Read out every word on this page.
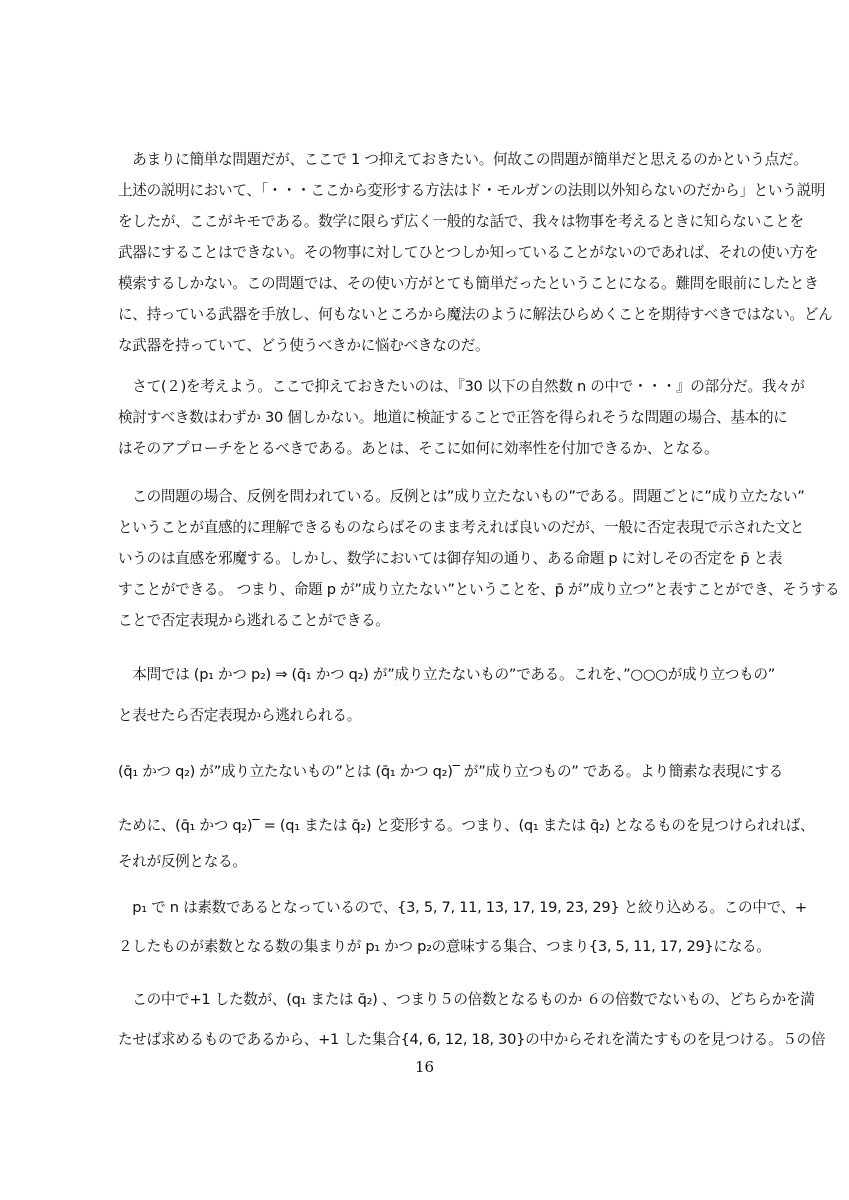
　あまりに簡単な問題だが、ここで 1 つ抑えておきたい。何故この問題が簡単だと思えるのかという点だ。
上述の説明において、「・・・ここから変形する方法はド・モルガンの法則以外知らないのだから」という説明
をしたが、ここがキモである。数学に限らず広く一般的な話で、我々は物事を考えるときに知らないことを
武器にすることはできない。その物事に対してひとつしか知っていることがないのであれば、それの使い方を
模索するしかない。この問題では、その使い方がとても簡単だったということになる。難問を眼前にしたとき
に、持っている武器を手放し、何もないところから魔法のように解法ひらめくことを期待すべきではない。どん
な武器を持っていて、どう使うべきかに悩むべきなのだ。
　さて(２)を考えよう。ここで抑えておきたいのは、『30 以下の自然数 n の中で・・・』の部分だ。我々が
検討すべき数はわずか 30 個しかない。地道に検証することで正答を得られそうな問題の場合、基本的に
はそのアプローチをとるべきである。あとは、そこに如何に効率性を付加できるか、となる。
　この問題の場合、反例を問われている。反例とは”成り立たないもの”である。問題ごとに”成り立たない”
ということが直感的に理解できるものならばそのまま考えれば良いのだが、一般に否定表現で示された文と
いうのは直感を邪魔する。しかし、数学においては御存知の通り、ある命題 p に対しその否定を p̄ と表
すことができる。 つまり、命題 p が”成り立たない”ということを、p̄ が”成り立つ”と表すことができ、そうする
ことで否定表現から逃れることができる。
　本問では (p₁ かつ p₂) ⇒ (q̄₁ かつ q₂) が”成り立たないもの”である。これを、”○○○が成り立つもの”
と表せたら否定表現から逃れられる。
(q̄₁ かつ q₂) が”成り立たないもの”とは (q̄₁ かつ q₂)‾ が”成り立つもの” である。より簡素な表現にする
ために、(q̄₁ かつ q₂)‾ = (q₁ または q̄₂) と変形する。つまり、(q₁ または q̄₂) となるものを見つけられれば、
それが反例となる。
　p₁ で n は素数であるとなっているので、{3, 5, 7, 11, 13, 17, 19, 23, 29} と絞り込める。この中で、+
２したものが素数となる数の集まりが p₁ かつ p₂の意味する集合、つまり{3, 5, 11, 17, 29}になる。
　この中で+1 した数が、(q₁ または q̄₂) 、つまり５の倍数となるものか ６の倍数でないもの、どちらかを満
たせば求めるものであるから、+1 した集合{4, 6, 12, 18, 30}の中からそれを満たすものを見つける。５の倍
16
